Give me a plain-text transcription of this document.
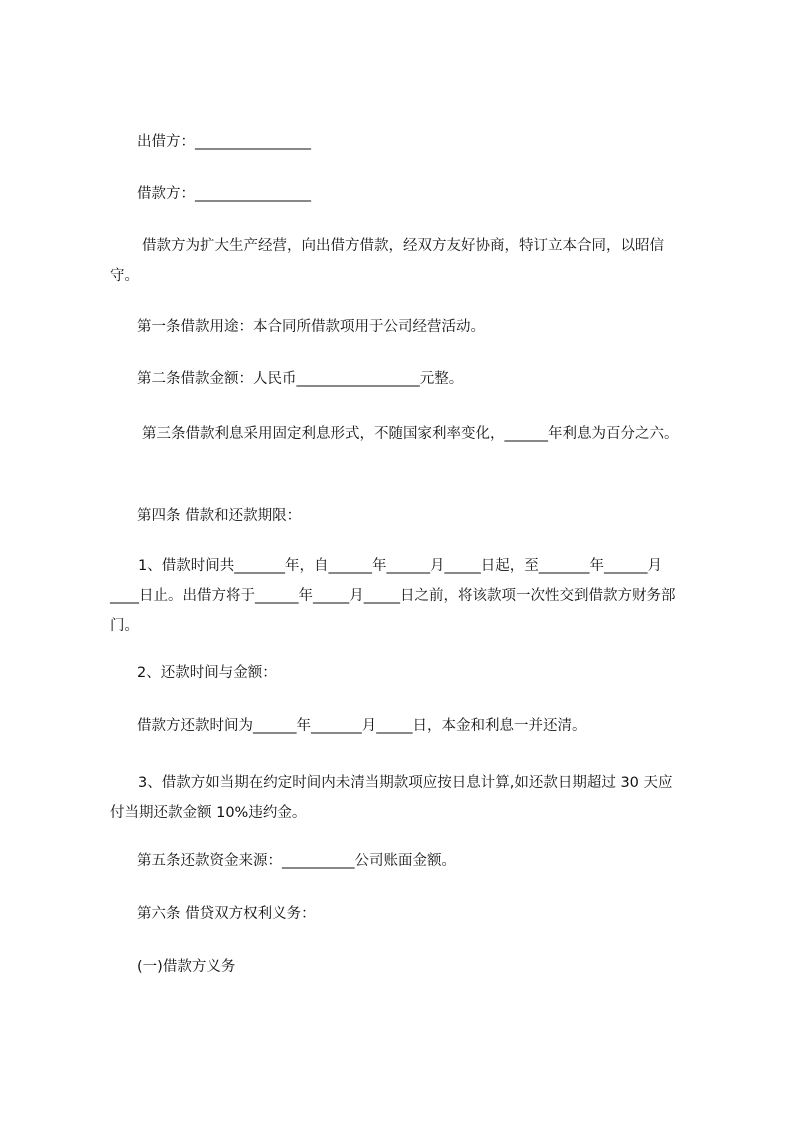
出借方：________________
借款方：________________
借款方为扩大生产经营，向出借方借款，经双方友好协商，特订立本合同，以昭信守。
第一条借款用途：本合同所借款项用于公司经营活动。
第二条借款金额：人民币_________________元整。
第三条借款利息采用固定利息形式，不随国家利率变化，______年利息为百分之六。
第四条 借款和还款期限：
1、借款时间共_______年，自______年______月_____日起，至_______年______月____日止。出借方将于______年_____月_____日之前，将该款项一次性交到借款方财务部门。
2、还款时间与金额：
借款方还款时间为______年_______月_____日，本金和利息一并还清。
3、借款方如当期在约定时间内未清当期款项应按日息计算,如还款日期超过 30 天应付当期还款金额 10%违约金。
第五条还款资金来源：__________公司账面金额。
第六条 借贷双方权利义务：
(一)借款方义务
